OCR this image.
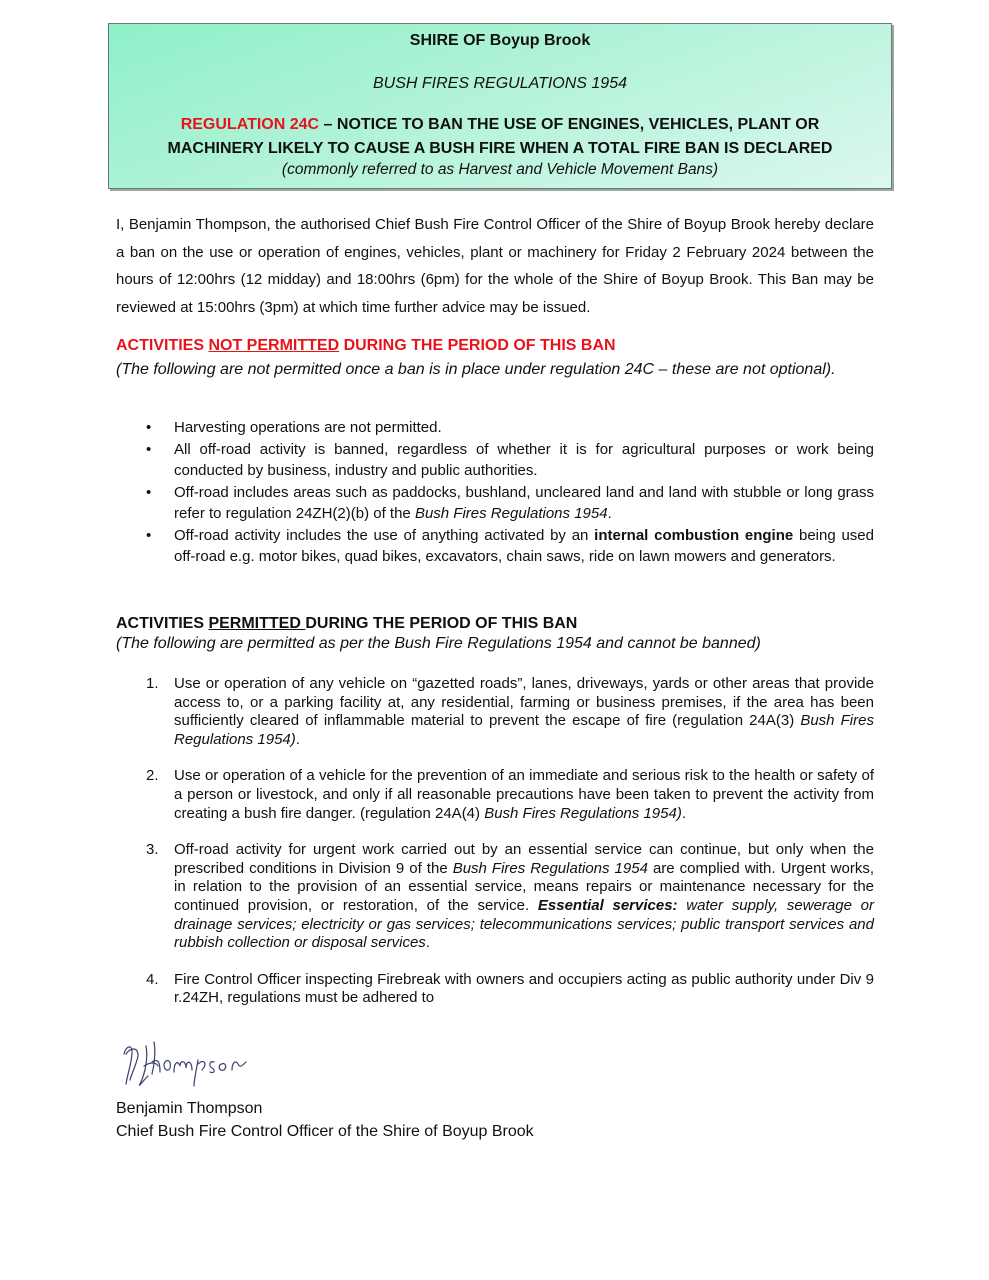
SHIRE OF Boyup Brook
BUSH FIRES REGULATIONS 1954
REGULATION 24C – NOTICE TO BAN THE USE OF ENGINES, VEHICLES, PLANT OR
MACHINERY LIKELY TO CAUSE A BUSH FIRE WHEN A TOTAL FIRE BAN IS DECLARED
(commonly referred to as Harvest and Vehicle Movement Bans)
I, Benjamin Thompson, the authorised Chief Bush Fire Control Officer of the Shire of Boyup Brook hereby declare a ban on the use or operation of engines, vehicles, plant or machinery for Friday 2 February 2024 between the hours of 12:00hrs (12 midday) and 18:00hrs (6pm) for the whole of the Shire of Boyup Brook. This Ban may be reviewed at 15:00hrs (3pm) at which time further advice may be issued.
ACTIVITIES NOT PERMITTED DURING THE PERIOD OF THIS BAN
(The following are not permitted once a ban is in place under regulation 24C – these are not optional).
• Harvesting operations are not permitted.
• All off-road activity is banned, regardless of whether it is for agricultural purposes or work being conducted by business, industry and public authorities.
• Off-road includes areas such as paddocks, bushland, uncleared land and land with stubble or long grass refer to regulation 24ZH(2)(b) of the Bush Fires Regulations 1954.
• Off-road activity includes the use of anything activated by an internal combustion engine being used off-road e.g. motor bikes, quad bikes, excavators, chain saws, ride on lawn mowers and generators.
ACTIVITIES PERMITTED DURING THE PERIOD OF THIS BAN
(The following are permitted as per the Bush Fire Regulations 1954 and cannot be banned)
1. Use or operation of any vehicle on “gazetted roads”, lanes, driveways, yards or other areas that provide access to, or a parking facility at, any residential, farming or business premises, if the area has been sufficiently cleared of inflammable material to prevent the escape of fire (regulation 24A(3) Bush Fires Regulations 1954).
2. Use or operation of a vehicle for the prevention of an immediate and serious risk to the health or safety of a person or livestock, and only if all reasonable precautions have been taken to prevent the activity from creating a bush fire danger. (regulation 24A(4) Bush Fires Regulations 1954).
3. Off-road activity for urgent work carried out by an essential service can continue, but only when the prescribed conditions in Division 9 of the Bush Fires Regulations 1954 are complied with. Urgent works, in relation to the provision of an essential service, means repairs or maintenance necessary for the continued provision, or restoration, of the service. Essential services: water supply, sewerage or drainage services; electricity or gas services; telecommunications services; public transport services and rubbish collection or disposal services.
4. Fire Control Officer inspecting Firebreak with owners and occupiers acting as public authority under Div 9 r.24ZH, regulations must be adhered to
Benjamin Thompson
Chief Bush Fire Control Officer of the Shire of Boyup Brook
